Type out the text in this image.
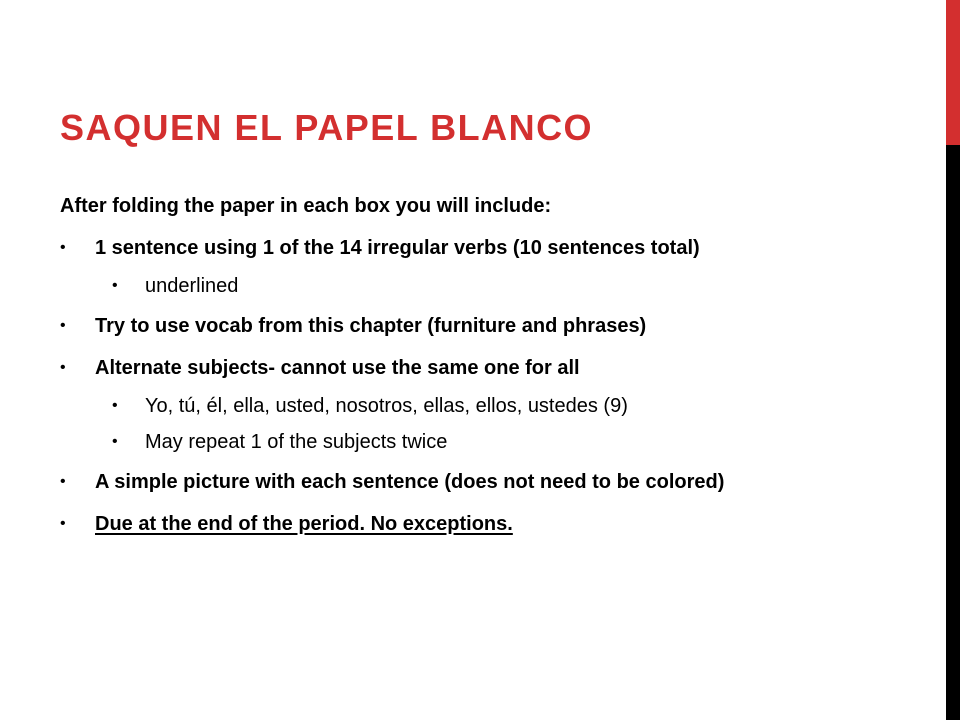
SAQUEN EL PAPEL BLANCO

After folding the paper in each box you will include:

• 1 sentence using 1 of the 14 irregular verbs (10 sentences total)
• underlined
• Try to use vocab from this chapter (furniture and phrases)
• Alternate subjects- cannot use the same one for all
• Yo, tú, él, ella, usted, nosotros, ellas, ellos, ustedes (9)
• May repeat 1 of the subjects twice
• A simple picture with each sentence (does not need to be colored)
• Due at the end of the period. No exceptions.
